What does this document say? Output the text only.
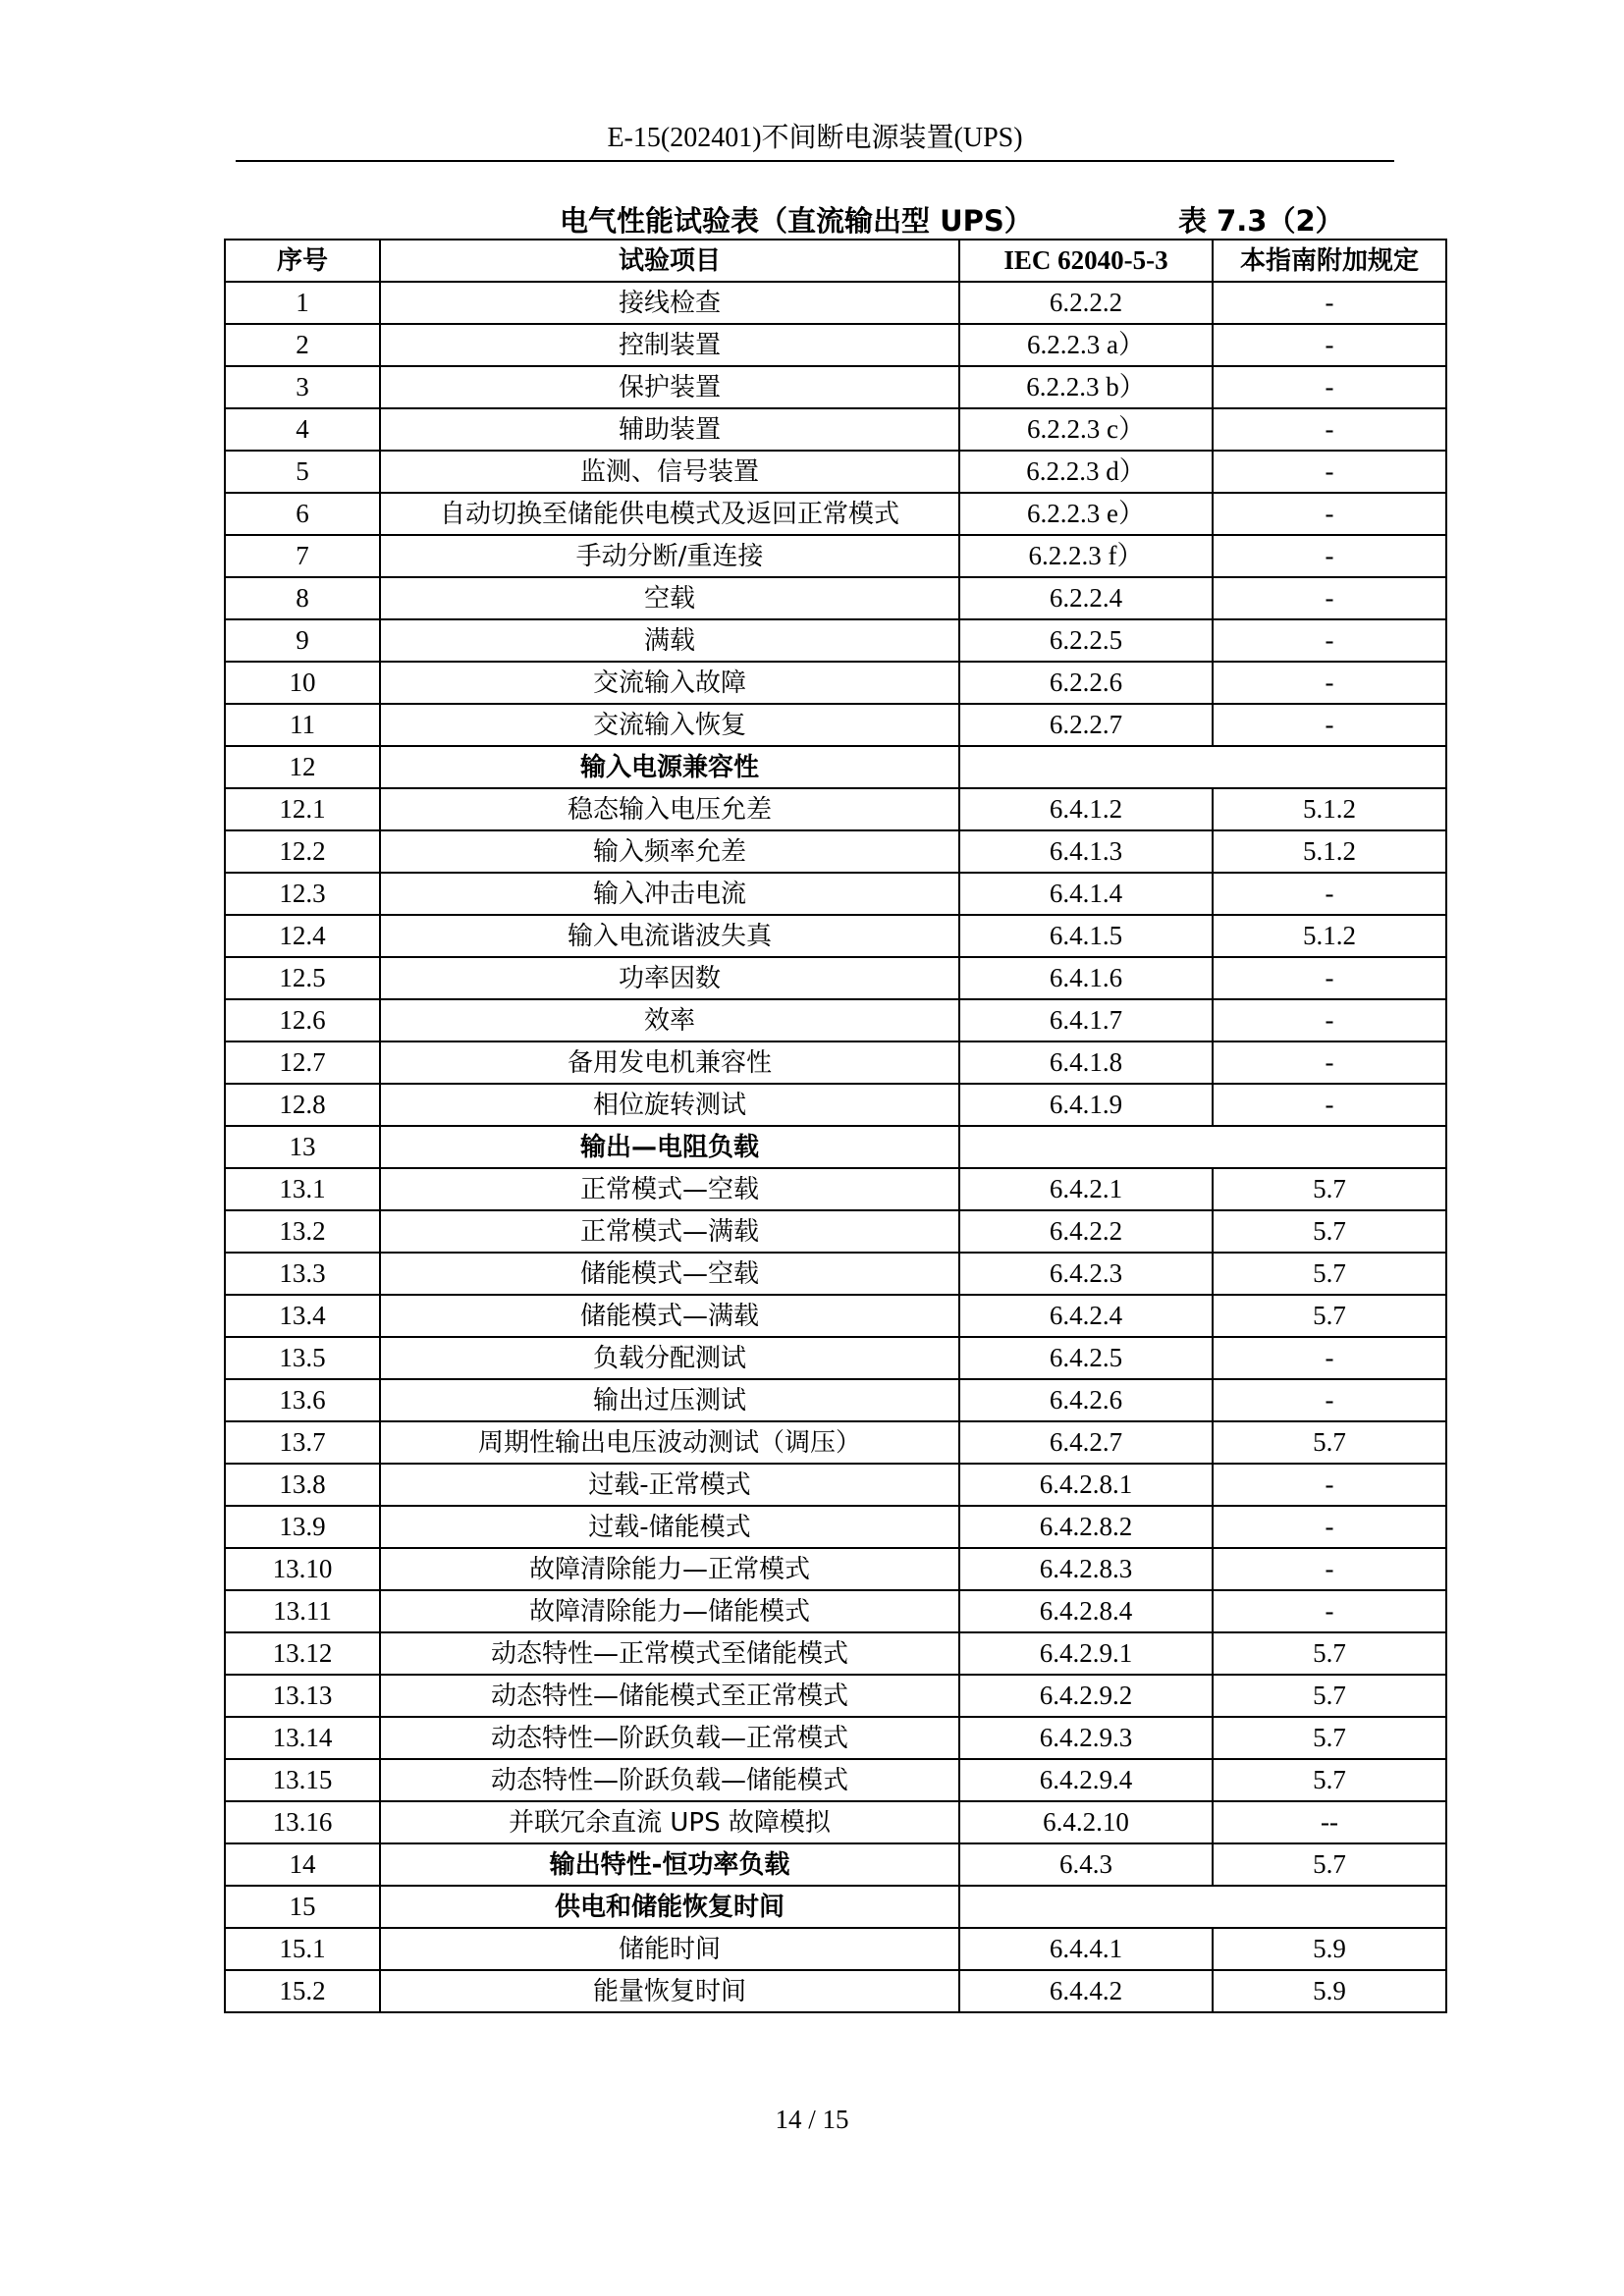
E-15(202401)不间断电源装置(UPS)
电气性能试验表（直流输出型 UPS）	表 7.3（2）
序号	试验项目	IEC 62040-5-3	本指南附加规定
1	接线检查	6.2.2.2	-
2	控制装置	6.2.2.3 a）	-
3	保护装置	6.2.2.3 b）	-
4	辅助装置	6.2.2.3 c）	-
5	监测、信号装置	6.2.2.3 d）	-
6	自动切换至储能供电模式及返回正常模式	6.2.2.3 e）	-
7	手动分断/重连接	6.2.2.3 f）	-
8	空载	6.2.2.4	-
9	满载	6.2.2.5	-
10	交流输入故障	6.2.2.6	-
11	交流输入恢复	6.2.2.7	-
12	输入电源兼容性		
12.1	稳态输入电压允差	6.4.1.2	5.1.2
12.2	输入频率允差	6.4.1.3	5.1.2
12.3	输入冲击电流	6.4.1.4	-
12.4	输入电流谐波失真	6.4.1.5	5.1.2
12.5	功率因数	6.4.1.6	-
12.6	效率	6.4.1.7	-
12.7	备用发电机兼容性	6.4.1.8	-
12.8	相位旋转测试	6.4.1.9	-
13	输出—电阻负载		
13.1	正常模式—空载	6.4.2.1	5.7
13.2	正常模式—满载	6.4.2.2	5.7
13.3	储能模式—空载	6.4.2.3	5.7
13.4	储能模式—满载	6.4.2.4	5.7
13.5	负载分配测试	6.4.2.5	-
13.6	输出过压测试	6.4.2.6	-
13.7	周期性输出电压波动测试（调压）	6.4.2.7	5.7
13.8	过载-正常模式	6.4.2.8.1	-
13.9	过载-储能模式	6.4.2.8.2	-
13.10	故障清除能力—正常模式	6.4.2.8.3	-
13.11	故障清除能力—储能模式	6.4.2.8.4	-
13.12	动态特性—正常模式至储能模式	6.4.2.9.1	5.7
13.13	动态特性—储能模式至正常模式	6.4.2.9.2	5.7
13.14	动态特性—阶跃负载—正常模式	6.4.2.9.3	5.7
13.15	动态特性—阶跃负载—储能模式	6.4.2.9.4	5.7
13.16	并联冗余直流 UPS 故障模拟	6.4.2.10	--
14	输出特性-恒功率负载	6.4.3	5.7
15	供电和储能恢复时间		
15.1	储能时间	6.4.4.1	5.9
15.2	能量恢复时间	6.4.4.2	5.9
14 / 15
